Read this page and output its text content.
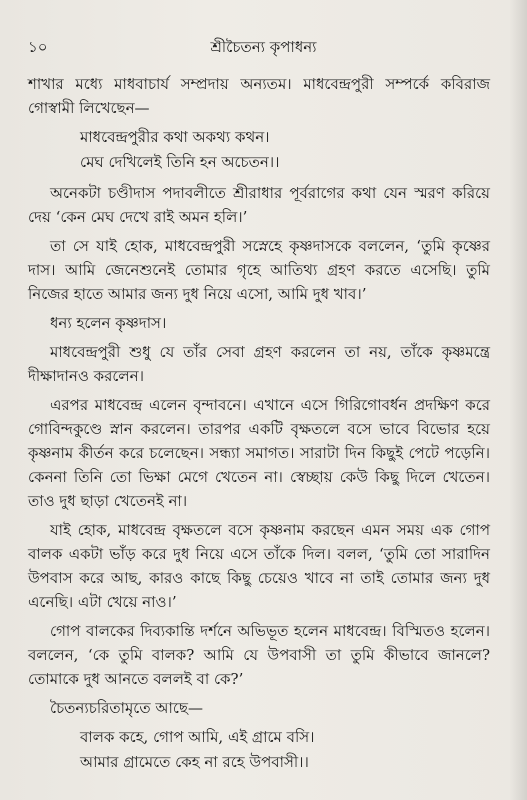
১০	শ্রীচৈতন্য কৃপাধন্য

শাখার মধ্যে মাধবাচার্য সম্প্রদায় অন্যতম। মাধবেন্দ্রপুরী সম্পর্কে কবিরাজ গোস্বামী লিখেছেন—

মাধবেন্দ্রপুরীর কথা অকথ্য কথন।
মেঘ দেখিলেই তিনি হন অচেতন।।

অনেকটা চণ্ডীদাস পদাবলীতে শ্রীরাধার পূর্বরাগের কথা যেন স্মরণ করিয়ে দেয় ‘কেন মেঘ দেখে রাই অমন হলি।’

তা সে যাই হোক, মাধবেন্দ্রপুরী সস্নেহে কৃষ্ণদাসকে বললেন, ‘তুমি কৃষ্ণের দাস। আমি জেনেশুনেই তোমার গৃহে আতিথ্য গ্রহণ করতে এসেছি। তুমি নিজের হাতে আমার জন্য দুধ নিয়ে এসো, আমি দুধ খাব।’

ধন্য হলেন কৃষ্ণদাস।

মাধবেন্দ্রপুরী শুধু যে তাঁর সেবা গ্রহণ করলেন তা নয়, তাঁকে কৃষ্ণমন্ত্রে দীক্ষাদানও করলেন।

এরপর মাধবেন্দ্র এলেন বৃন্দাবনে। এখানে এসে গিরিগোবর্ধন প্রদক্ষিণ করে গোবিন্দকুণ্ডে স্নান করলেন। তারপর একটি বৃক্ষতলে বসে ভাবে বিভোর হয়ে কৃষ্ণনাম কীর্তন করে চলেছেন। সন্ধ্যা সমাগত। সারাটা দিন কিছুই পেটে পড়েনি। কেননা তিনি তো ভিক্ষা মেগে খেতেন না। স্বেচ্ছায় কেউ কিছু দিলে খেতেন। তাও দুধ ছাড়া খেতেনই না।

যাই হোক, মাধবেন্দ্র বৃক্ষতলে বসে কৃষ্ণনাম করছেন এমন সময় এক গোপ বালক একটা ভাঁড় করে দুধ নিয়ে এসে তাঁকে দিল। বলল, ‘তুমি তো সারাদিন উপবাস করে আছ, কারও কাছে কিছু চেয়েও খাবে না তাই তোমার জন্য দুধ এনেছি। এটা খেয়ে নাও।’

গোপ বালকের দিব্যকান্তি দর্শনে অভিভূত হলেন মাধবেন্দ্র। বিস্মিতও হলেন। বললেন, ‘কে তুমি বালক? আমি যে উপবাসী তা তুমি কীভাবে জানলে? তোমাকে দুধ আনতে বললই বা কে?’

চৈতন্যচরিতামৃতে আছে—

বালক কহে, গোপ আমি, এই গ্রামে বসি।
আমার গ্রামেতে কেহ না রহে উপবাসী।।
